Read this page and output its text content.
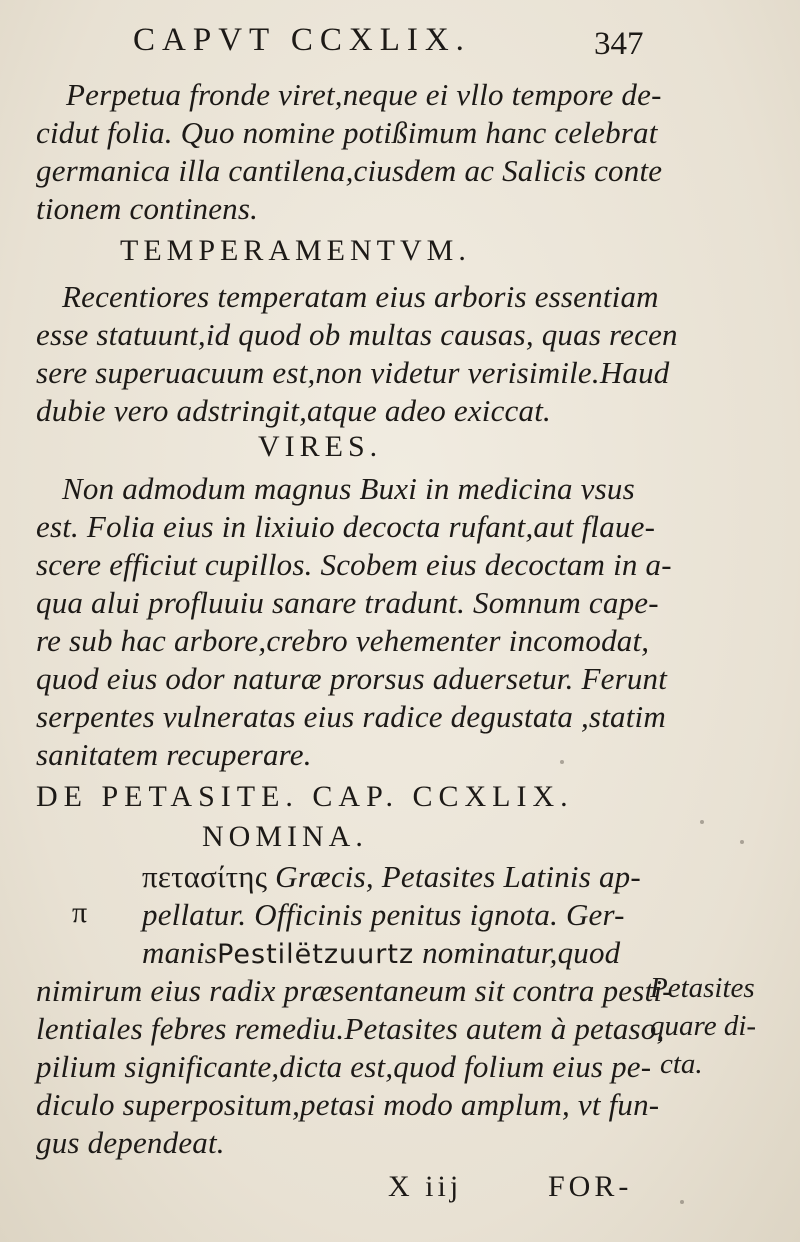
CAPVT CCXLIX.	347
Perpetua fronde viret,neque ei vllo tempore de-
cidut folia. Quo nomine potißimum hanc celebrat
germanica illa cantilena,ciusdem ac Salicis conte
tionem continens.
TEMPERAMENTVM.
Recentiores temperatam eius arboris essentiam
esse statuunt,id quod ob multas causas, quas recen
sere superuacuum est,non videtur verisimile.Haud
dubie vero adstringit,atque adeo exiccat.
VIRES.
Non admodum magnus Buxi in medicina vsus
est. Folia eius in lixiuio decocta rufant,aut flaue-
scere efficiut cupillos. Scobem eius decoctam in a-
qua alui profluuiu sanare tradunt. Somnum cape-
re sub hac arbore,crebro vehementer incomodat,
quod eius odor naturæ prorsus aduersetur. Ferunt
serpentes vulneratas eius radice degustata ,statim
sanitatem recuperare.
DE PETASITE. CAP. CCXLIX.
NOMINA.
π
πετασίτης Græcis, Petasites Latinis ap-
pellatur. Officinis penitus ignota. Ger-
manisPestilëtzuurtz nominatur,quod
nimirum eius radix præsentaneum sit contra pesti-
lentiales febres remediu.Petasites autem à petaso,
pilium significante,dicta est,quod folium eius pe-
diculo superpositum,petasi modo amplum, vt fun-
gus dependeat.
Petasites
quare di-
cta.
X iij	FOR-
